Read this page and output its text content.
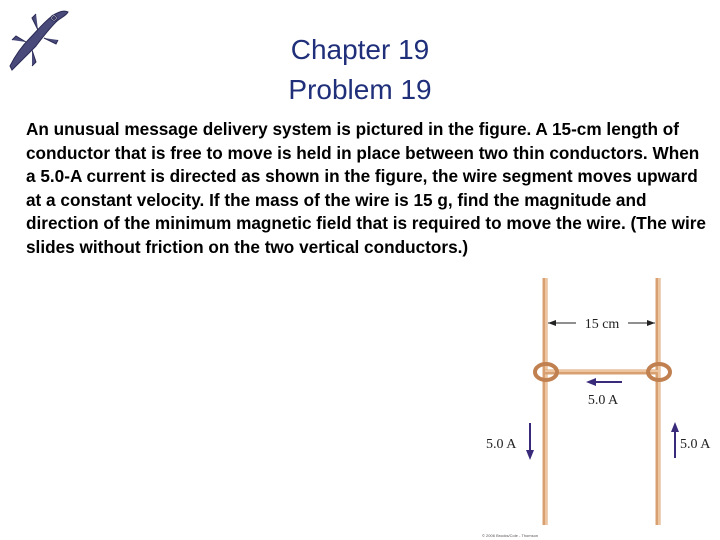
Chapter 19
Problem 19

An unusual message delivery system is pictured in the figure. A 15-cm length of conductor that is free to move is held in place between two thin conductors. When a 5.0-A current is directed as shown in the figure, the wire segment moves upward at a constant velocity. If the mass of the wire is 15 g, find the magnitude and direction of the minimum magnetic field that is required to move the wire. (The wire slides without friction on the two vertical conductors.)

15 cm
5.0 A
5.0 A	5.0 A
© 2006 Brooks/Cole - Thomson
